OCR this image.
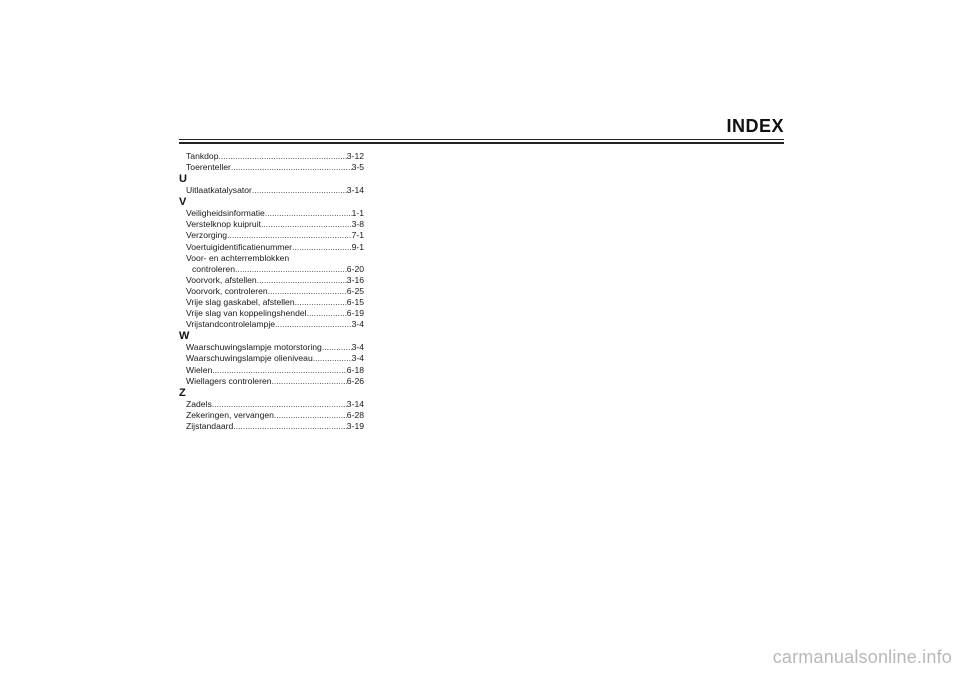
INDEX
Tankdop .....	3-12
Toerenteller .....	3-5
U
Uitlaatkatalysator .....	3-14
V
Veiligheidsinformatie .....	1-1
Verstelknop kuipruit .....	3-8
Verzorging .....	7-1
Voertuigidentificatienummer .....	9-1
Voor- en achterremblokken
controleren .....	6-20
Voorvork, afstellen .....	3-16
Voorvork, controleren .....	6-25
Vrije slag gaskabel, afstellen .....	6-15
Vrije slag van koppelingshendel .....	6-19
Vrijstandcontrolelampje .....	3-4
W
Waarschuwingslampje motorstoring .....	3-4
Waarschuwingslampje olieniveau .....	3-4
Wielen .....	6-18
Wiellagers controleren .....	6-26
Z
Zadels .....	3-14
Zekeringen, vervangen .....	6-28
Zijstandaard .....	3-19
carmanualsonline.info
